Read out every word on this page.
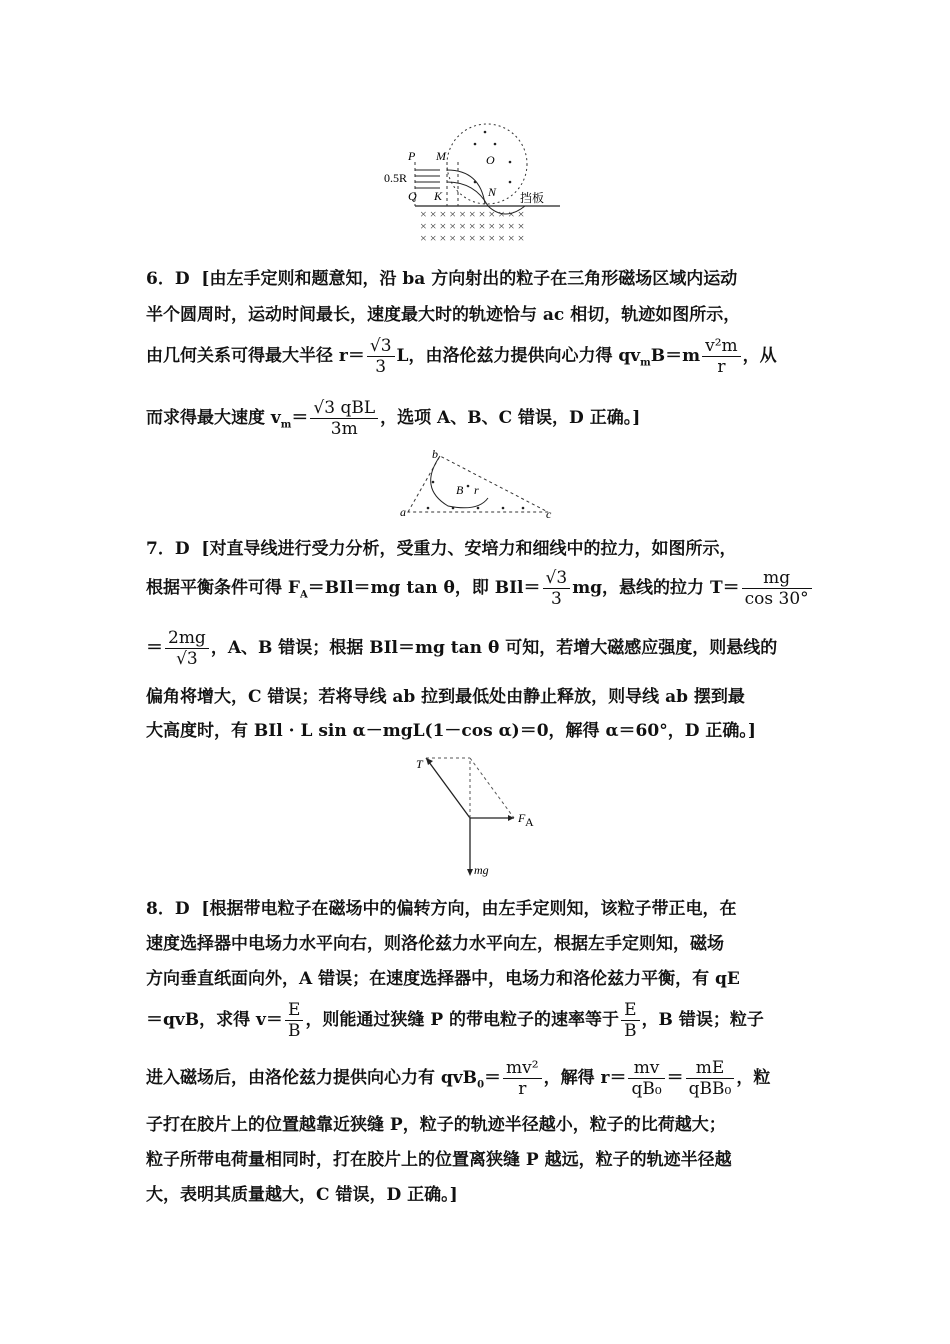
× × × × × × × × × × ×
× × × × × × × × × × ×
× × × × × × × × × × ×
P M	O
0.5R
Q K	N 挡板
6．D [由左手定则和题意知，沿 ba 方向射出的粒子在三角形磁场区域内运动
半个圆周时，运动时间最长，速度最大时的轨迹恰与 ac 相切，轨迹如图所示，
由几何关系可得最大半径 $r= \frac{√3}{3}$ L，由洛伦兹力提供向心力得 $qv_mB=m \frac{\text{v²m}}{r}$ ，从
而求得最大速度 $v_m= \frac{\text{√3 qBL}}{3m}$ ，选项 A、B、C 错误，D 正确。]
b
B r
a	c
7．D [对直导线进行受力分析，受重力、安培力和细线中的拉力，如图所示，
根据平衡条件可得 $F_A=BIl=mg$ tan θ，即 $BIl= \frac{√3}{3}$ mg，悬线的拉力 $T= \frac{mg}{\cos 30^\circ}$
＝ $\frac{2mg}{√3}$ ，A、B 错误；根据 BIl＝mg tan θ 可知，若增大磁感应强度，则悬线的
偏角将增大，C 错误；若将导线 ab 拉到最低处由静止释放，则导线 ab 摆到最
大高度时，有 BIl · L sin α－mgL(1－cos α)＝0，解得 α＝60°，D 正确。]
T
F A
mg
8．D [根据带电粒子在磁场中的偏转方向，由左手定则知，该粒子带正电，在
速度选择器中电场力水平向右，则洛伦兹力水平向左，根据左手定则知，磁场
方向垂直纸面向外，A 错误；在速度选择器中，电场力和洛伦兹力平衡，有 qE
＝qvB，求得 $v= \frac{E}{B}$ ，则能通过狭缝 P 的带电粒子的速率等于 $\frac{E}{B}$ ，B 错误；粒子
进入磁场后，由洛伦兹力提供向心力有 $qvB_0= \frac{\text{mv²}}{r}$ ，解得 $r= \frac{mv}{\text{qB₀}} = \frac{mE}{\text{qBB₀}}$ ，粒
子打在胶片上的位置越靠近狭缝 P，粒子的轨迹半径越小，粒子的比荷越大；
粒子所带电荷量相同时，打在胶片上的位置离狭缝 P 越远，粒子的轨迹半径越
大，表明其质量越大，C 错误，D 正确。]
